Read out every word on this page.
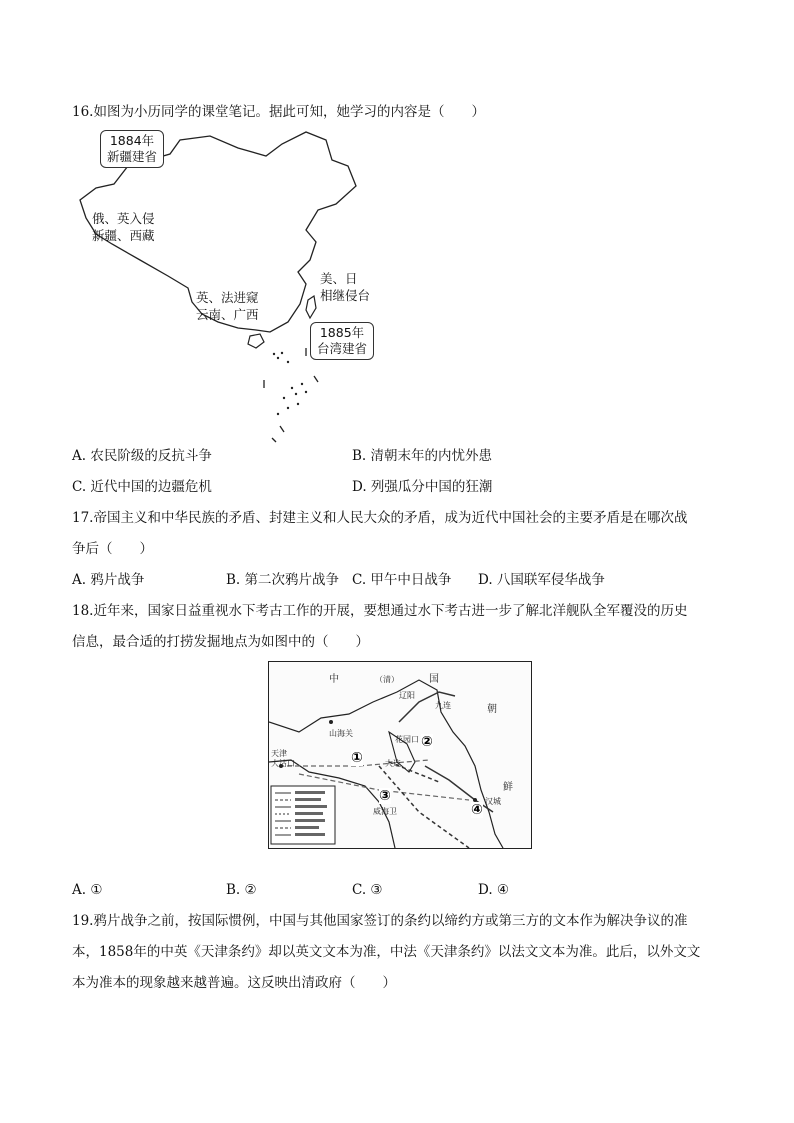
16.如图为小历同学的课堂笔记。据此可知，她学习的内容是（　　）
1884年
新疆建省
俄、英入侵
新疆、西藏
美、日
相继侵台
英、法进窥
云南、广西
1885年
台湾建省
A. 农民阶级的反抗斗争	B. 清朝末年的内忧外患
C. 近代中国的边疆危机	D. 列强瓜分中国的狂潮
17.帝国主义和中华民族的矛盾、封建主义和人民大众的矛盾，成为近代中国社会的主要矛盾是在哪次战
争后（　　）
A. 鸦片战争	B. 第二次鸦片战争 C. 甲午中日战争 D. 八国联军侵华战争
18.近年来，国家日益重视水下考古工作的开展，要想通过水下考古进一步了解北洋舰队全军覆没的历史
信息，最合适的打捞发掘地点为如图中的（　　）
中	（清）	国
朝
鲜
辽阳
山海关
天津
大沽口
花园口
大连
威海卫
汉城
九连
①
②
③
④
A. ①	B. ②	C. ③	D. ④
19.鸦片战争之前，按国际惯例，中国与其他国家签订的条约以缔约方或第三方的文本作为解决争议的准
本，1858年的中英《天津条约》却以英文文本为准，中法《天津条约》以法文文本为准。此后，以外文文
本为准本的现象越来越普遍。这反映出清政府（　　）
